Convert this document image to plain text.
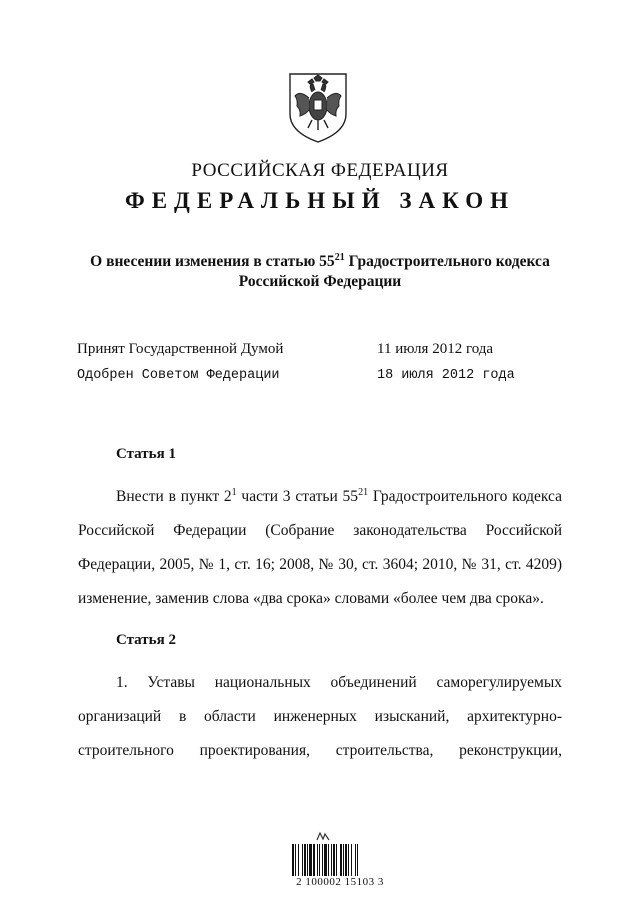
РОССИЙСКАЯ ФЕДЕРАЦИЯ
ФЕДЕРАЛЬНЫЙ ЗАКОН
О внесении изменения в статью $55^{21}$ Градостроительного кодекса
Российской Федерации
Принят Государственной Думой	11 июля 2012 года
Одобрен Советом Федерации	18 июля 2012 года
Статья 1
Внести в пункт $2^1$ части 3 статьи $55^{21}$ Градостроительного кодекса
Российской Федерации (Собрание законодательства Российской
Федерации, 2005, № 1, ст. 16; 2008, № 30, ст. 3604; 2010, № 31, ст. 4209)
изменение, заменив слова «два срока» словами «более чем два срока».
Статья 2
1. Уставы национальных объединений саморегулируемых
организаций в области инженерных изысканий, архитектурно-
строительного проектирования, строительства, реконструкции,
2 100002 15103 3
